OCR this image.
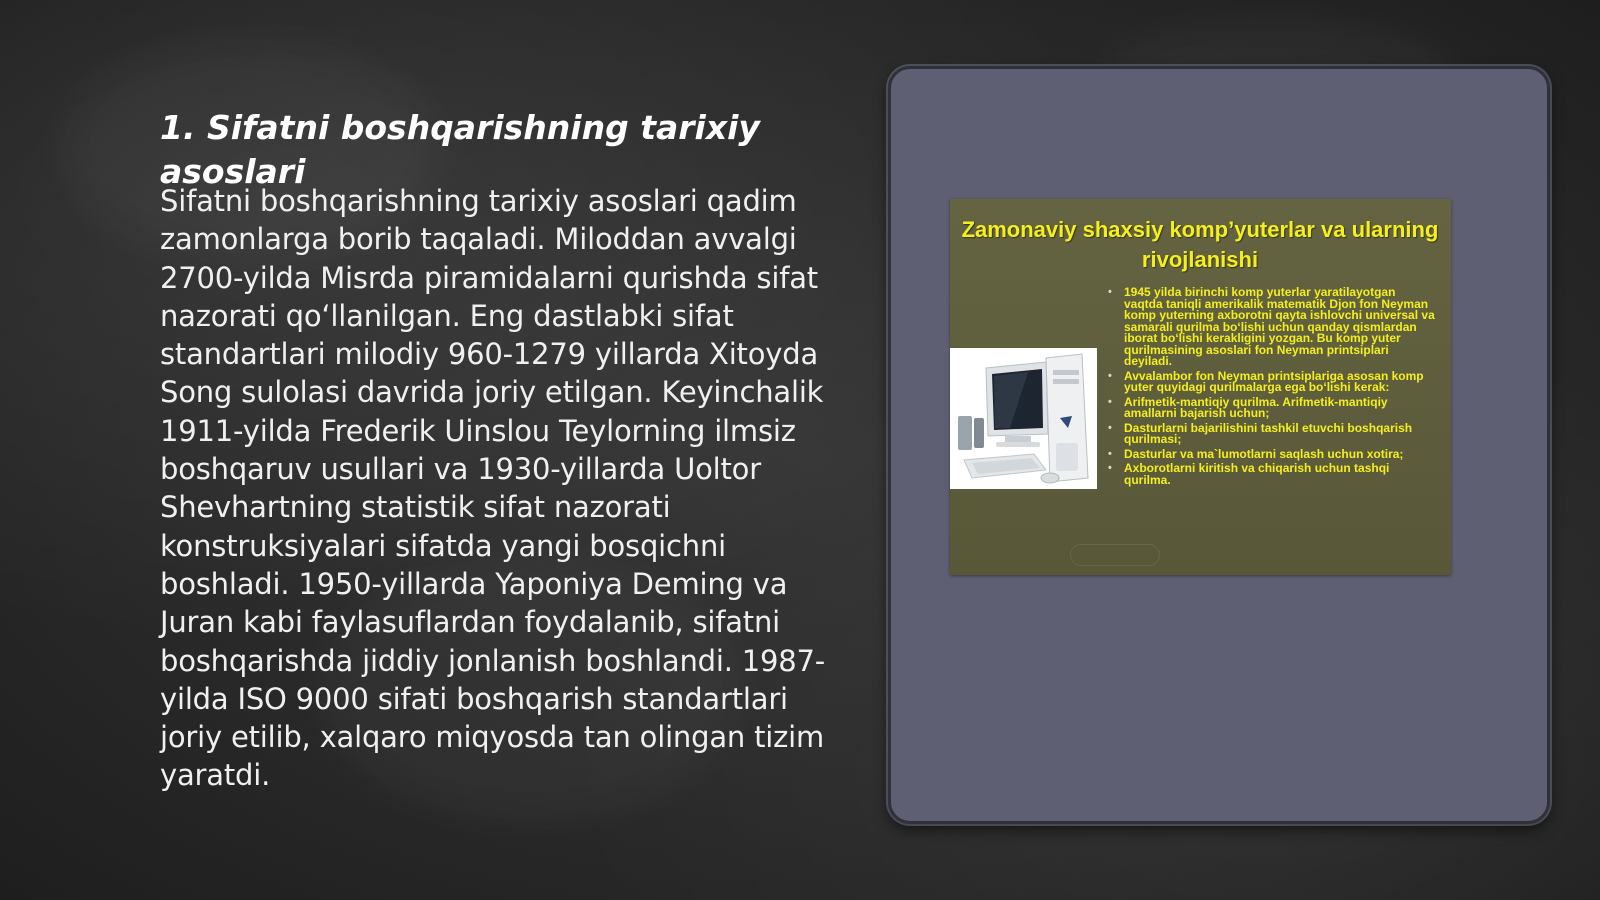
1. Sifatni boshqarishning tarixiy asoslari

Sifatni boshqarishning tarixiy asoslari qadim zamonlarga borib taqaladi. Miloddan avvalgi 2700-yilda Misrda piramidalarni qurishda sifat nazorati qo‘llanilgan. Eng dastlabki sifat standartlari milodiy 960-1279 yillarda Xitoyda Song sulolasi davrida joriy etilgan. Keyinchalik 1911-yilda Frederik Uinslou Teylorning ilmsiz boshqaruv usullari va 1930-yillarda Uoltor Shevhartning statistik sifat nazorati konstruksiyalari sifatda yangi bosqichni boshladi. 1950-yillarda Yaponiya Deming va Juran kabi faylasuflardan foydalanib, sifatni boshqarishda jiddiy jonlanish boshlandi. 1987-yilda ISO 9000 sifati boshqarish standartlari joriy etilib, xalqaro miqyosda tan olingan tizim yaratdi.

Zamonaviy shaxsiy komp’yuterlar va ularning rivojlanishi
• 1945 yilda birinchi komp yuterlar yaratilayotgan vaqtda taniqli amerikalik matematik Djon fon Neyman komp yuterning axborotni qayta ishlovchi universal va samarali qurilma bo‘lishi uchun qanday qismlardan iborat bo‘lishi kerakligini yozgan. Bu komp yuter qurilmasining asoslari fon Neyman printsiplari deyiladi.
• Avvalambor fon Neyman printsiplariga asosan komp yuter quyidagi qurilmalarga ega bo‘lishi kerak:
• Arifmetik-mantiqiy qurilma. Arifmetik-mantiqiy amallarni bajarish uchun;
• Dasturlarni bajarilishini tashkil etuvchi boshqarish qurilmasi;
• Dasturlar va ma`lumotlarni saqlash uchun xotira;
• Axborotlarni kiritish va chiqarish uchun tashqi qurilma.
